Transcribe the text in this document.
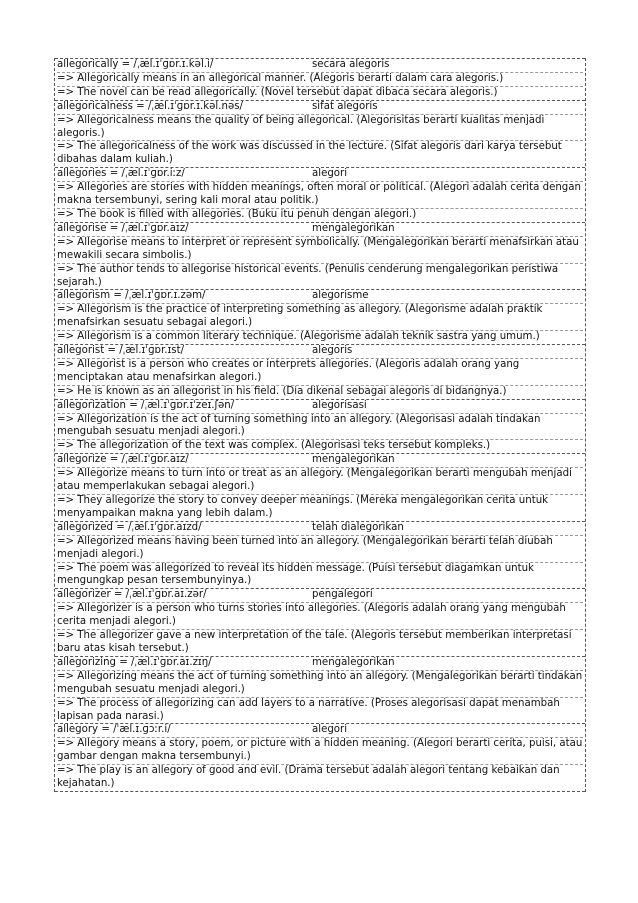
allegorically = /ˌæl.ɪˈɡɒr.ɪ.kəl.i/	secara alegoris
=> Allegorically means in an allegorical manner. (Alegoris berarti dalam cara alegoris.)
=> The novel can be read allegorically. (Novel tersebut dapat dibaca secara alegoris.)
allegoricalness = /ˌæl.ɪˈɡɒr.ɪ.kəl.nəs/	sifat alegoris
=> Allegoricalness means the quality of being allegorical. (Alegorisitas berarti kualitas menjadi alegoris.)
=> The allegoricalness of the work was discussed in the lecture. (Sifat alegoris dari karya tersebut dibahas dalam kuliah.)
allegories = /ˌæl.ɪˈɡɒr.iːz/	alegori
=> Allegories are stories with hidden meanings, often moral or political. (Alegori adalah cerita dengan makna tersembunyi, sering kali moral atau politik.)
=> The book is filled with allegories. (Buku itu penuh dengan alegori.)
allegorise = /ˌæl.ɪˈɡɒr.aɪz/	mengalegorikan
=> Allegorise means to interpret or represent symbolically. (Mengalegorikan berarti menafsirkan atau mewakili secara simbolis.)
=> The author tends to allegorise historical events. (Penulis cenderung mengalegorikan peristiwa sejarah.)
allegorism = /ˌæl.ɪˈɡɒr.ɪ.zəm/	alegorisme
=> Allegorism is the practice of interpreting something as allegory. (Alegorisme adalah praktik menafsirkan sesuatu sebagai alegori.)
=> Allegorism is a common literary technique. (Alegorisme adalah teknik sastra yang umum.)
allegorist = /ˌæl.ɪˈɡɒr.ɪst/	alegoris
=> Allegorist is a person who creates or interprets allegories. (Alegoris adalah orang yang menciptakan atau menafsirkan alegori.)
=> He is known as an allegorist in his field. (Dia dikenal sebagai alegoris di bidangnya.)
allegorization = /ˌæl.ɪˈɡɒr.ɪˈzeɪ.ʃən/	alegorisasi
=> Allegorization is the act of turning something into an allegory. (Alegorisasi adalah tindakan mengubah sesuatu menjadi alegori.)
=> The allegorization of the text was complex. (Alegorisasi teks tersebut kompleks.)
allegorize = /ˌæl.ɪˈɡɒr.aɪz/	mengalegorikan
=> Allegorize means to turn into or treat as an allegory. (Mengalegorikan berarti mengubah menjadi atau memperlakukan sebagai alegori.)
=> They allegorize the story to convey deeper meanings. (Mereka mengalegorikan cerita untuk menyampaikan makna yang lebih dalam.)
allegorized = /ˌæl.ɪˈɡɒr.aɪzd/	telah dialegorikan
=> Allegorized means having been turned into an allegory. (Mengalegorikan berarti telah diubah menjadi alegori.)
=> The poem was allegorized to reveal its hidden message. (Puisi tersebut diagamkan untuk mengungkap pesan tersembunyinya.)
allegorizer = /ˌæl.ɪˈɡɒr.aɪ.zər/	pengalegori
=> Allegorizer is a person who turns stories into allegories. (Alegoris adalah orang yang mengubah cerita menjadi alegori.)
=> The allegorizer gave a new interpretation of the tale. (Alegoris tersebut memberikan interpretasi baru atas kisah tersebut.)
allegorizing = /ˌæl.ɪˈɡɒr.aɪ.zɪŋ/	mengalegorikan
=> Allegorizing means the act of turning something into an allegory. (Mengalegorikan berarti tindakan mengubah sesuatu menjadi alegori.)
=> The process of allegorizing can add layers to a narrative. (Proses alegorisasi dapat menambah lapisan pada narasi.)
allegory = /ˈæl.ɪ.ɡɔːr.i/	alegori
=> Allegory means a story, poem, or picture with a hidden meaning. (Alegori berarti cerita, puisi, atau gambar dengan makna tersembunyi.)
=> The play is an allegory of good and evil. (Drama tersebut adalah alegori tentang kebaikan dan kejahatan.)
